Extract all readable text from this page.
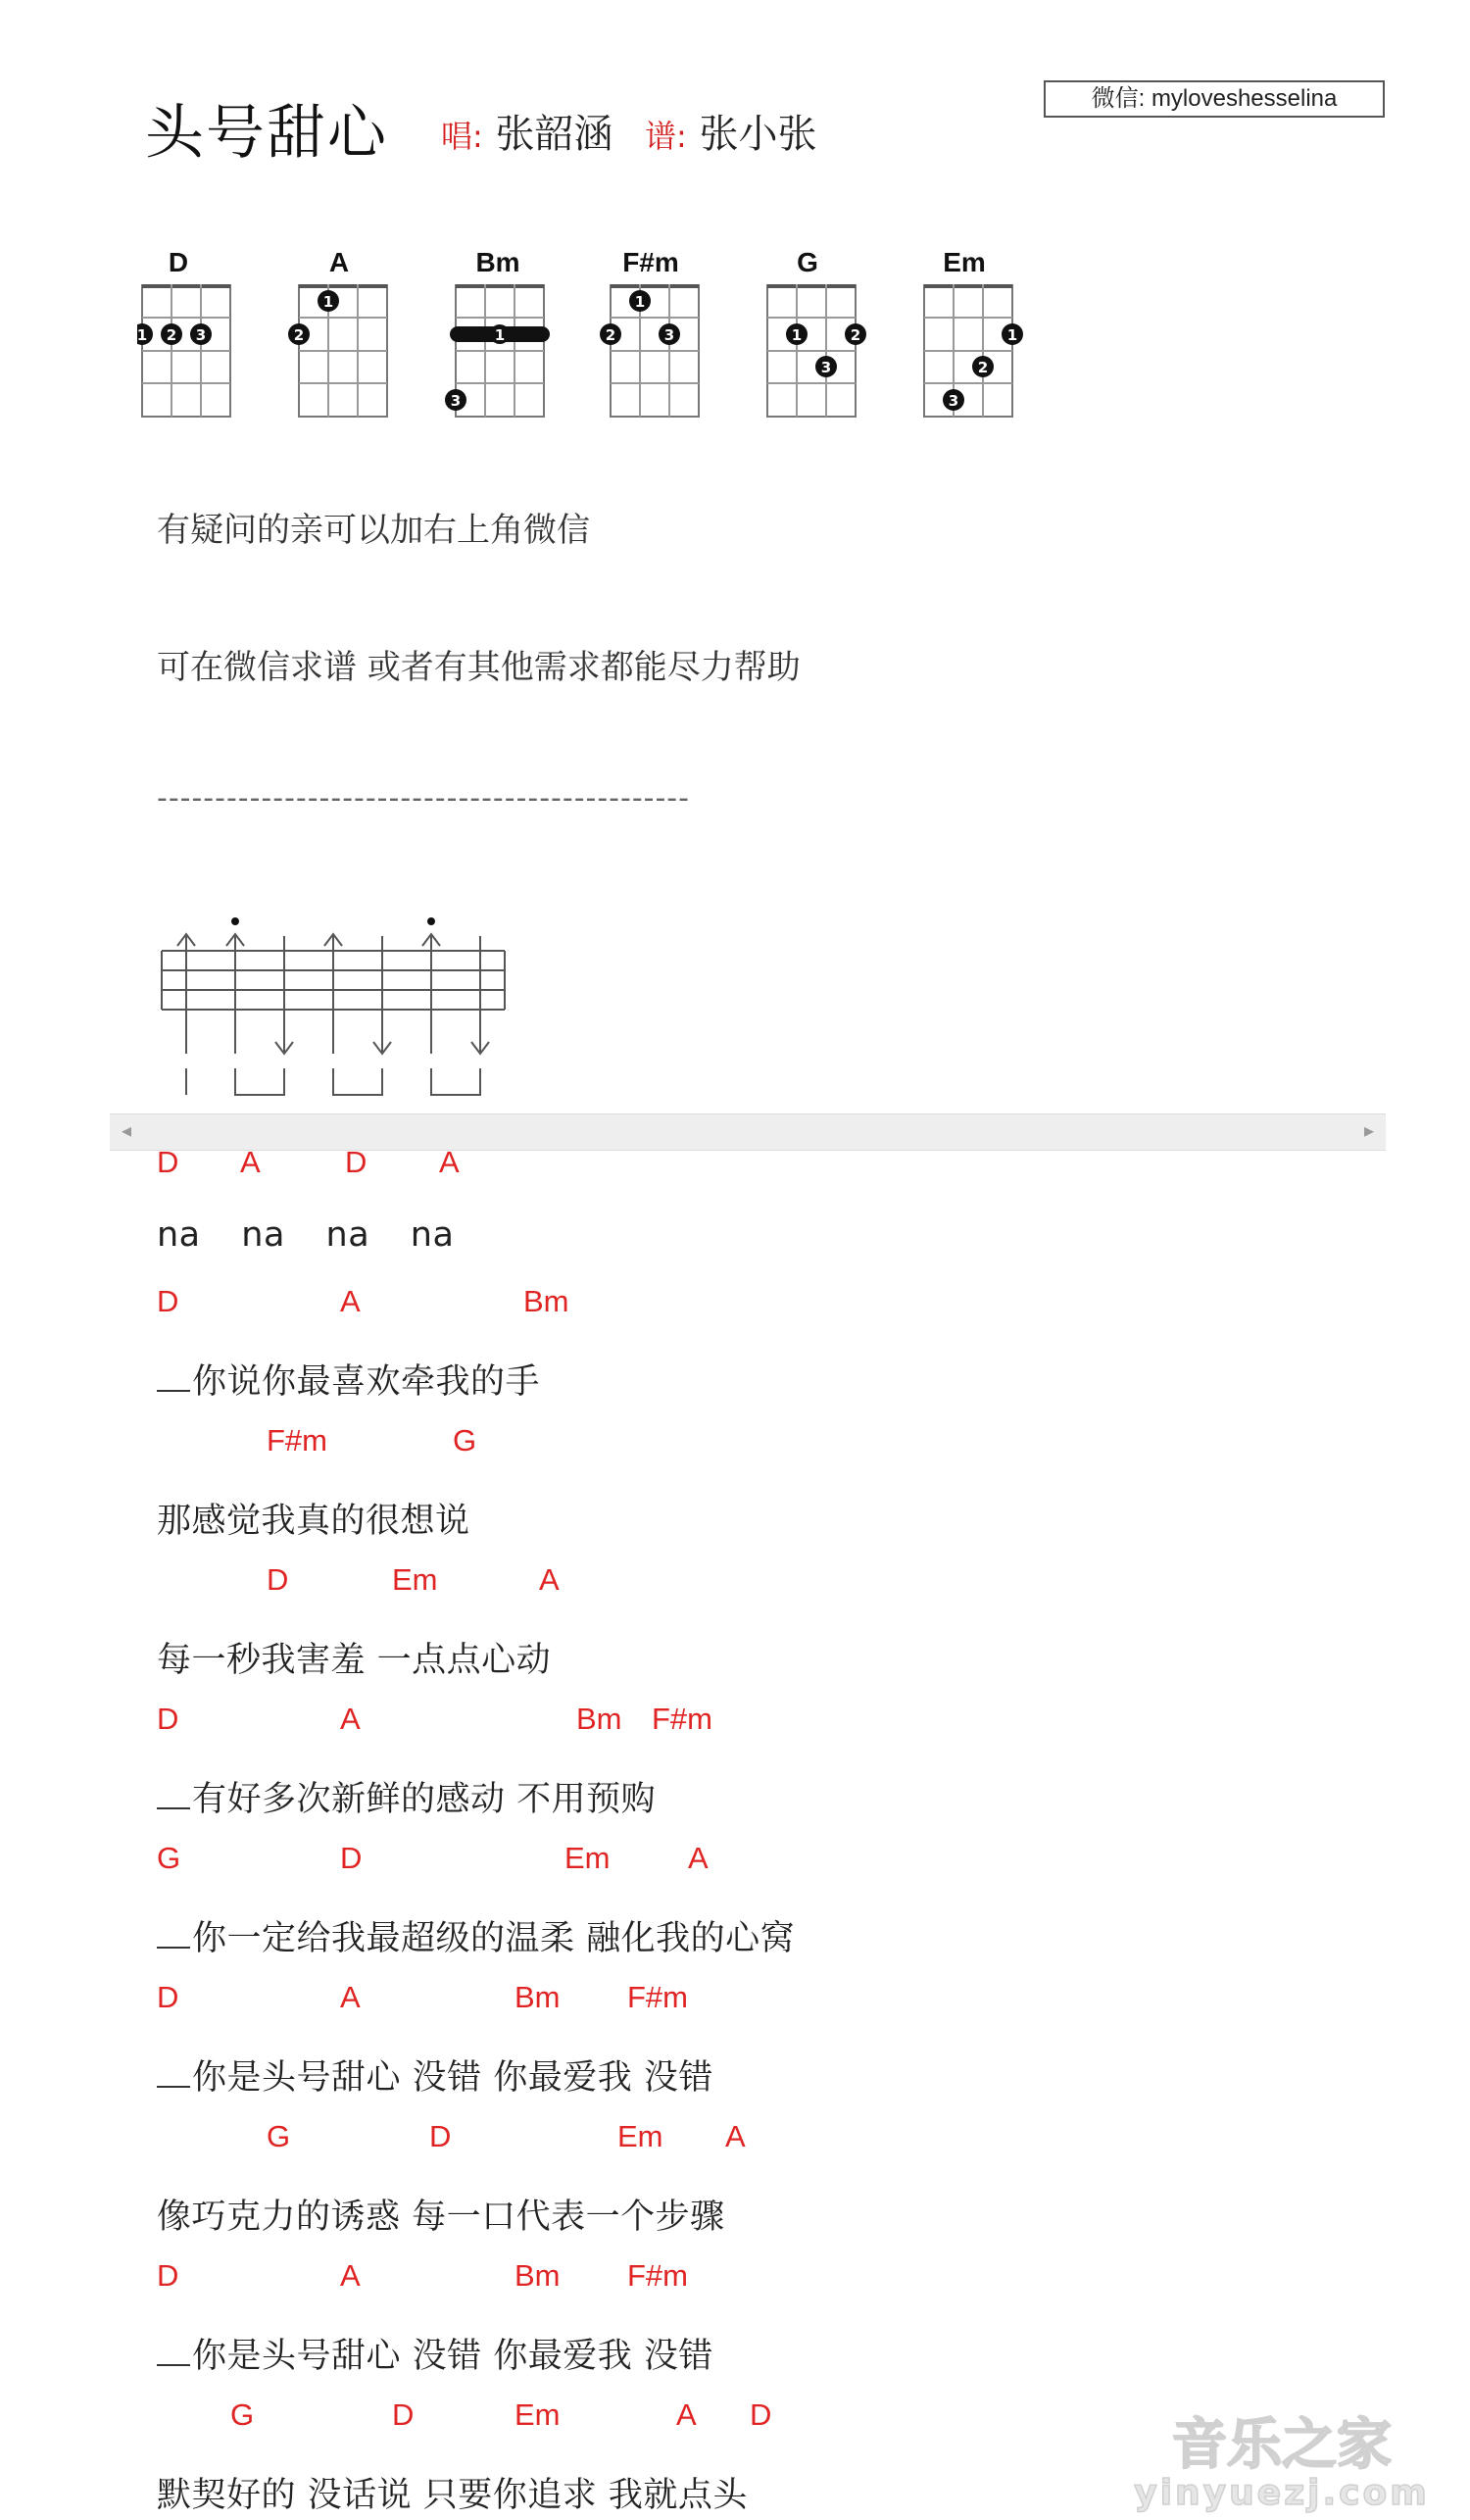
头号甜心 唱: 张韶涵 谱: 张小张
微信: myloveshesselina
D	A	Bm	F#m	G	Em
1 2 3
1
2	1
3
1
2	3	1	2
3
1
2
3
有疑问的亲可以加右上角微信
可在微信求谱 或者有其他需求都能尽力帮助
----------------------------------------------
◂	▸
D A	D A
na na na na
D	A	Bm
你说你最喜欢牵我的手
F#m	G
那感觉我真的很想说
D	Em	A
每一秒我害羞 一点点心动
D	A	Bm F#m
有好多次新鲜的感动 不用预购
G	D	Em	A
你一定给我最超级的温柔 融化我的心窝
D	A	Bm F#m
你是头号甜心 没错 你最爱我 没错
G	D	Em A
像巧克力的诱惑 每一口代表一个步骤
D	A	Bm F#m
你是头号甜心 没错 你最爱我 没错
G	D	Em	A D
默契好的 没话说 只要你追求 我就点头
音乐之家
yinyuezj.com
